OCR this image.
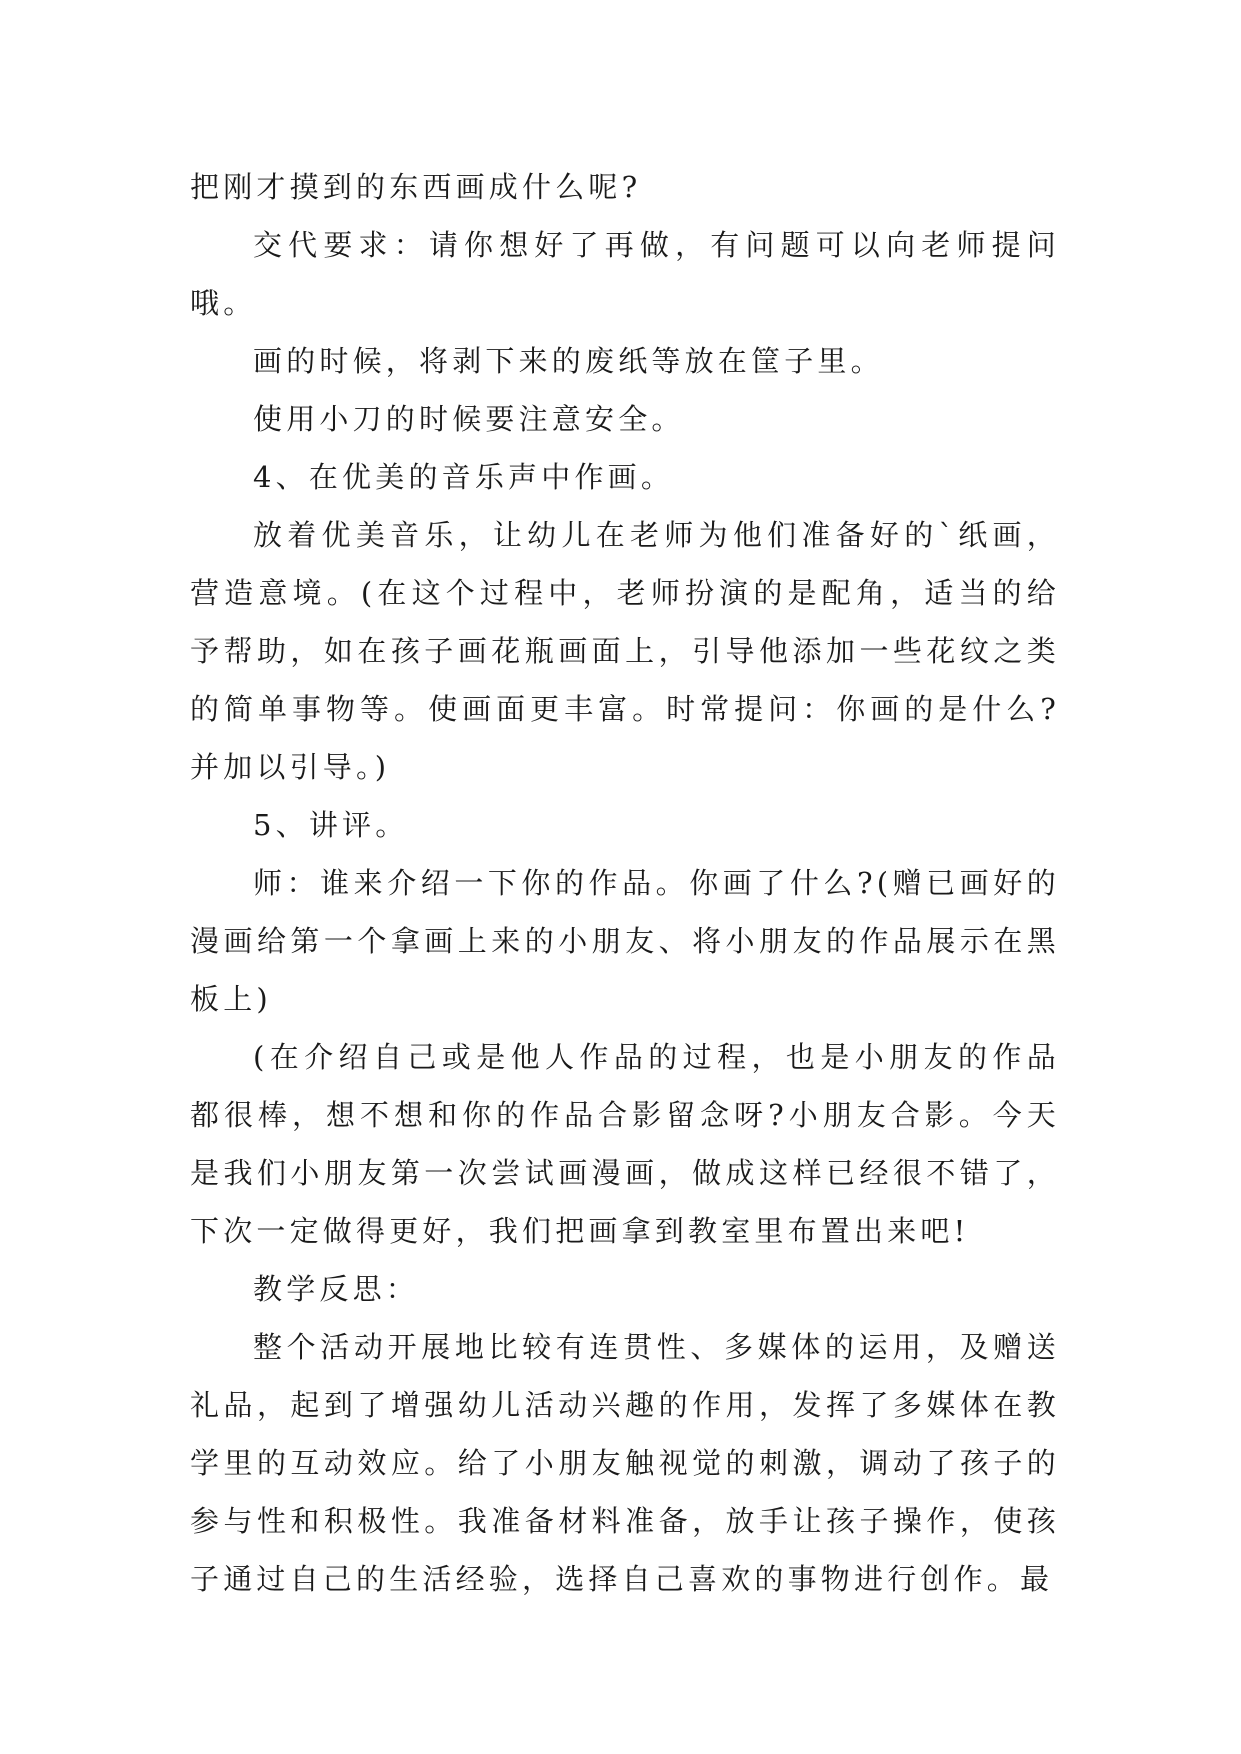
把刚才摸到的东西画成什么呢?

交代要求：请你想好了再做，有问题可以向老师提问哦。

画的时候，将剥下来的废纸等放在筐子里。

使用小刀的时候要注意安全。

4、在优美的音乐声中作画。

放着优美音乐，让幼儿在老师为他们准备好的`纸画，营造意境。(在这个过程中，老师扮演的是配角，适当的给予帮助，如在孩子画花瓶画面上，引导他添加一些花纹之类的简单事物等。使画面更丰富。时常提问：你画的是什么?并加以引导。)

5、讲评。

师：谁来介绍一下你的作品。你画了什么?(赠已画好的漫画给第一个拿画上来的小朋友、将小朋友的作品展示在黑板上)

(在介绍自己或是他人作品的过程，也是小朋友的作品都很棒，想不想和你的作品合影留念呀?小朋友合影。今天是我们小朋友第一次尝试画漫画，做成这样已经很不错了，下次一定做得更好，我们把画拿到教室里布置出来吧!

教学反思：

整个活动开展地比较有连贯性、多媒体的运用，及赠送礼品，起到了增强幼儿活动兴趣的作用，发挥了多媒体在教学里的互动效应。给了小朋友触视觉的刺激，调动了孩子的参与性和积极性。我准备材料准备，放手让孩子操作，使孩子通过自己的生活经验，选择自己喜欢的事物进行创作。最
